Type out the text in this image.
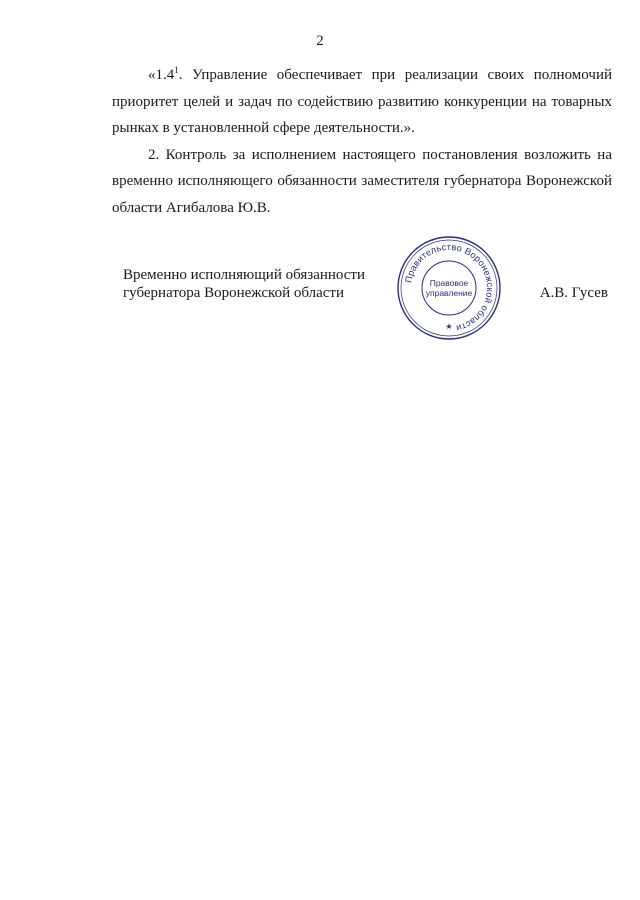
2

«$1.4^1$. Управление обеспечивает при реализации своих полномочий приоритет целей и задач по содействию развитию конкуренции на товарных рынках в установленной сфере деятельности.».

2. Контроль за исполнением настоящего постановления возложить на временно исполняющего обязанности заместителя губернатора Воронежской области Агибалова Ю.В.

Временно исполняющий обязанности
губернатора Воронежской области	А.В. Гусев
Правительство Воронежской области
Правовое
управление
★
